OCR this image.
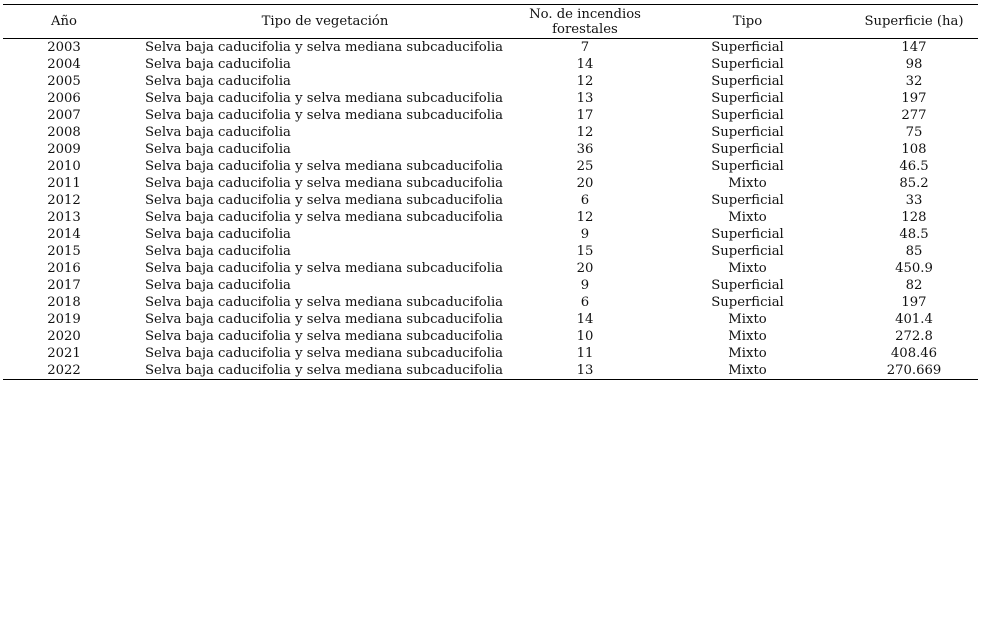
Año	Tipo de vegetación	No. de incendios forestales	Tipo	Superficie (ha)
2003	Selva baja caducifolia y selva mediana subcaducifolia	7	Superficial	147
2004	Selva baja caducifolia	14	Superficial	98
2005	Selva baja caducifolia	12	Superficial	32
2006	Selva baja caducifolia y selva mediana subcaducifolia	13	Superficial	197
2007	Selva baja caducifolia y selva mediana subcaducifolia	17	Superficial	277
2008	Selva baja caducifolia	12	Superficial	75
2009	Selva baja caducifolia	36	Superficial	108
2010	Selva baja caducifolia y selva mediana subcaducifolia	25	Superficial	46.5
2011	Selva baja caducifolia y selva mediana subcaducifolia	20	Mixto	85.2
2012	Selva baja caducifolia y selva mediana subcaducifolia	6	Superficial	33
2013	Selva baja caducifolia y selva mediana subcaducifolia	12	Mixto	128
2014	Selva baja caducifolia	9	Superficial	48.5
2015	Selva baja caducifolia	15	Superficial	85
2016	Selva baja caducifolia y selva mediana subcaducifolia	20	Mixto	450.9
2017	Selva baja caducifolia	9	Superficial	82
2018	Selva baja caducifolia y selva mediana subcaducifolia	6	Superficial	197
2019	Selva baja caducifolia y selva mediana subcaducifolia	14	Mixto	401.4
2020	Selva baja caducifolia y selva mediana subcaducifolia	10	Mixto	272.8
2021	Selva baja caducifolia y selva mediana subcaducifolia	11	Mixto	408.46
2022	Selva baja caducifolia y selva mediana subcaducifolia	13	Mixto	270.669
